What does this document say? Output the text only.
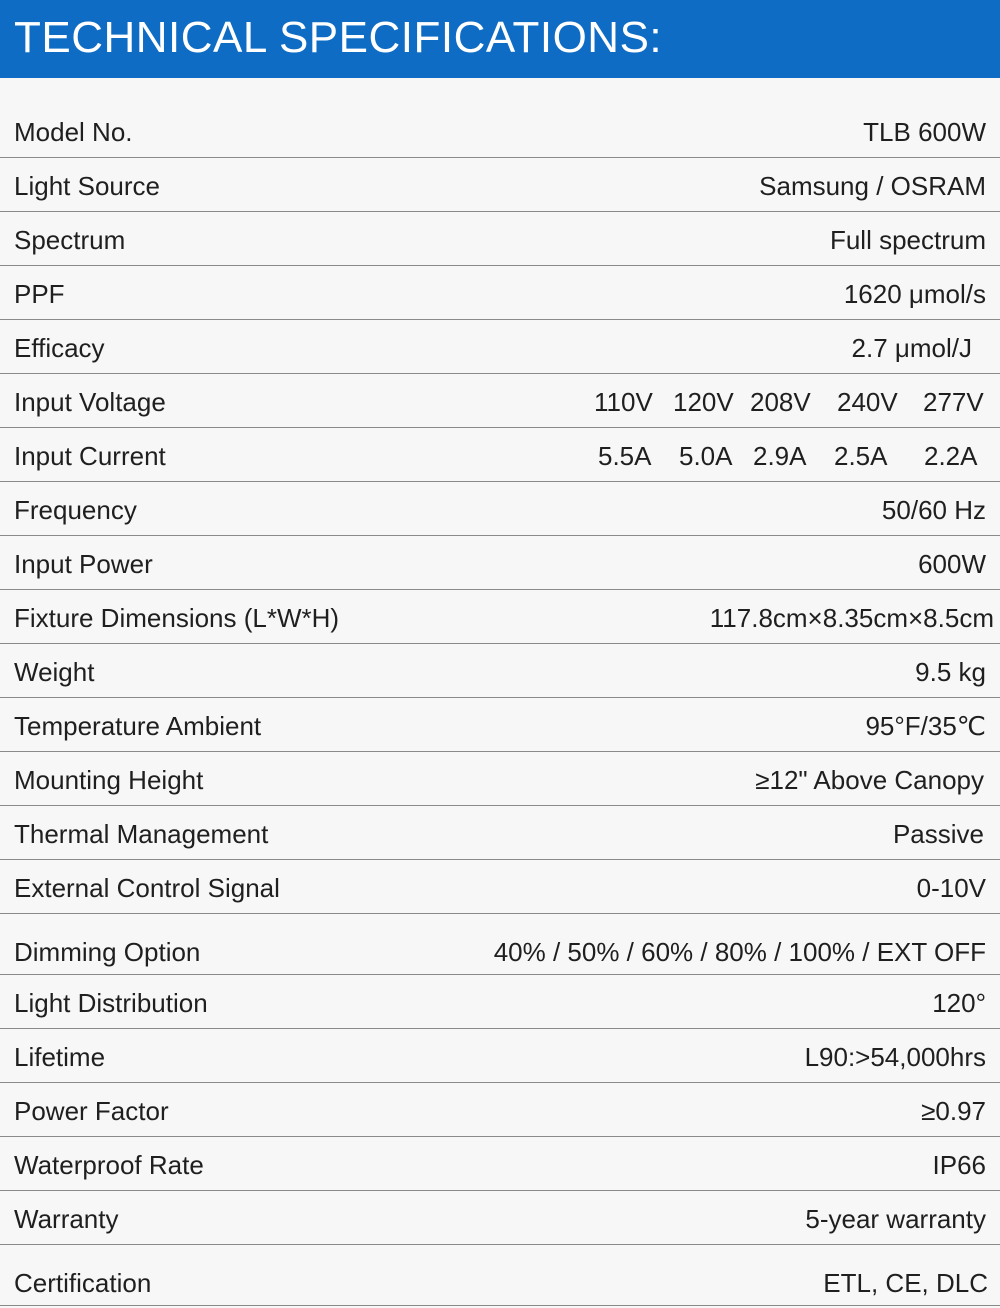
TECHNICAL SPECIFICATIONS:
Model No.	TLB 600W
Light Source	Samsung / OSRAM
Spectrum	Full spectrum
PPF	1620 μmol/s
Efficacy	2.7 μmol/J
Input Voltage	110V 120V 208V 240V 277V
Input Current	5.5A 5.0A 2.9A 2.5A 2.2A
Frequency	50/60 Hz
Input Power	600W
Fixture Dimensions (L*W*H)	117.8cm×8.35cm×8.5cm
Weight	9.5 kg
Temperature Ambient	95°F/35℃
Mounting Height	≥12" Above Canopy
Thermal Management	Passive
External Control Signal	0-10V
Dimming Option	40% / 50% / 60% / 80% / 100% / EXT OFF
Light Distribution	120°
Lifetime	L90:>54,000hrs
Power Factor	≥0.97
Waterproof Rate	IP66
Warranty	5-year warranty
Certification	ETL, CE, DLC
